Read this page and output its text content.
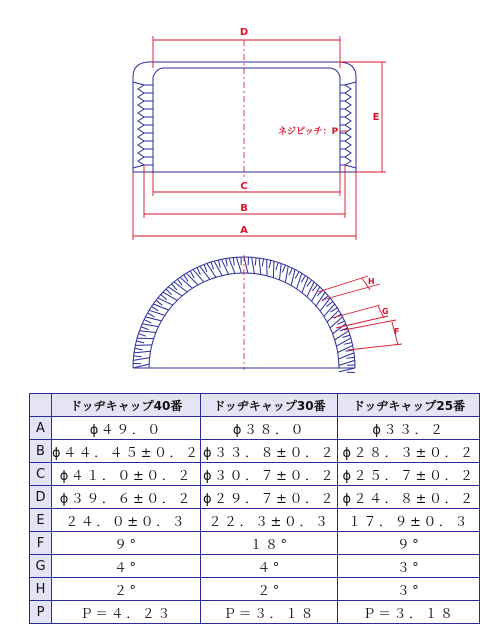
D
C
B
A
E
ネジピッチ：P
H
G
F
	ドッヂキャップ40番	ドッヂキャップ30番	ドッヂキャップ25番
A	ϕ４９．０	ϕ３８．０	ϕ３３．２
B	ϕ４４．４５±０．２	ϕ３３．８±０．２	ϕ２８．３±０．２
C	ϕ４１．０±０．２	ϕ３０．７±０．２	ϕ２５．７±０．２
D	ϕ３９．６±０．２	ϕ２９．７±０．２	ϕ２４．８±０．２
E	２４．０±０．３	２２．３±０．３	１７．９±０．３
F	９°	１８°	９°
G	４°	４°	３°
H	２°	２°	３°
P	Ｐ＝４．２３	Ｐ＝３．１８	Ｐ＝３．１８
